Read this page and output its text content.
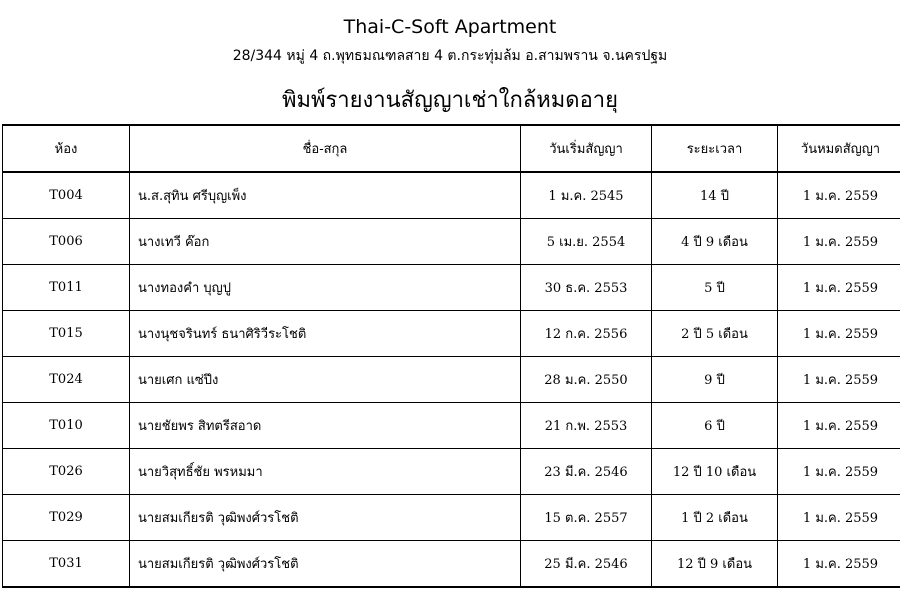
Thai-C-Soft Apartment
28/344 หมู่ 4 ถ.พุทธมณฑลสาย 4 ต.กระทุ่มล้ม อ.สามพราน จ.นครปฐม
พิมพ์รายงานสัญญาเช่าใกล้หมดอายุ
ห้อง	ชื่อ-สกุล	วันเริ่มสัญญา	ระยะเวลา	วันหมดสัญญา
T004	น.ส.สุทิน ศรีบุญเพ็ง	1 ม.ค. 2545	14 ปี	1 ม.ค. 2559
T006	นางเทวี ค๊อก	5 เม.ย. 2554	4 ปี 9 เดือน	1 ม.ค. 2559
T011	นางทองคำ บุญปู	30 ธ.ค. 2553	5 ปี	1 ม.ค. 2559
T015	นางนุชจรินทร์ ธนาศิริวีระโชติ	12 ก.ค. 2556	2 ปี 5 เดือน	1 ม.ค. 2559
T024	นายเศก แซ่ปึง	28 ม.ค. 2550	9 ปี	1 ม.ค. 2559
T010	นายชัยพร สิทตรีสอาด	21 ก.พ. 2553	6 ปี	1 ม.ค. 2559
T026	นายวิสุทธิ์ชัย พรหมมา	23 มี.ค. 2546	12 ปี 10 เดือน	1 ม.ค. 2559
T029	นายสมเกียรติ วุฒิพงศ์วรโชติ	15 ต.ค. 2557	1 ปี 2 เดือน	1 ม.ค. 2559
T031	นายสมเกียรติ วุฒิพงศ์วรโชติ	25 มี.ค. 2546	12 ปี 9 เดือน	1 ม.ค. 2559
